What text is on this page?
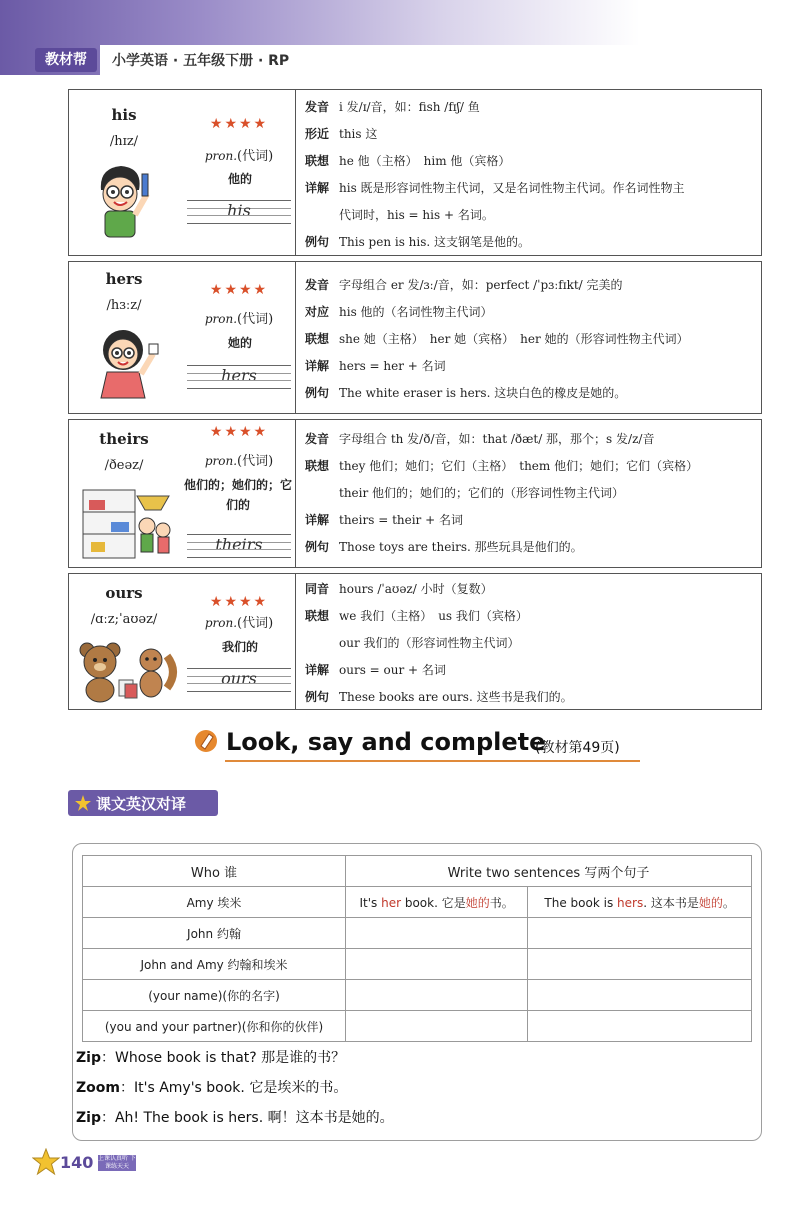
教材帮	小学英语 · 五年级下册 · RP
his
/hɪz/
★★★★
pron.(代词)
他的
his
发音 i 发/ɪ/音，如：fish /fɪʃ/ 鱼
形近 this 这
联想 he 他（主格）　him 他（宾格）
详解 his 既是形容词性物主代词，又是名词性物主代词。作名词性物主
代词时，his = his + 名词。
例句 This pen is his. 这支钢笔是他的。
hers
/hɜːz/
★★★★
pron.(代词)
她的
hers
发音 字母组合 er 发/ɜː/音，如：perfect /ˈpɜːfɪkt/ 完美的
对应 his 他的（名词性物主代词）
联想 she 她（主格）　her 她（宾格）　her 她的（形容词性物主代词）
详解 hers = her + 名词
例句 The white eraser is hers. 这块白色的橡皮是她的。
theirs
/ðeəz/
★★★★
pron.(代词)
他们的；她们的；它们的
theirs
发音 字母组合 th 发/ð/音，如：that /ðæt/ 那，那个；s 发/z/音
联想 they 他们；她们；它们（主格）　them 他们；她们；它们（宾格）
their 他们的；她们的；它们的（形容词性物主代词）
详解 theirs = their + 名词
例句 Those toys are theirs. 那些玩具是他们的。
ours
/ɑːz;ˈaʊəz/
★★★★
pron.(代词)
我们的
ours
同音 hours /ˈaʊəz/ 小时（复数）
联想 we 我们（主格）　us 我们（宾格）
our 我们的（形容词性物主代词）
详解 ours = our + 名词
例句 These books are ours. 这些书是我们的。
Look, say and complete
(教材第49页)
课文英汉对译
Who 谁	Write two sentences 写两个句子	
Amy 埃米	It's her book. 它是她的书。	The book is hers. 这本书是她的。
John 约翰		
John and Amy 约翰和埃米		
(your name)(你的名字)		
(you and your partner)(你和你的伙伴)		
Zip：Whose book is that? 那是谁的书？
Zoom：It's Amy's book. 它是埃米的书。
Zip：Ah! The book is hers. 啊！这本书是她的。
140 上课认真听 下课练天天
